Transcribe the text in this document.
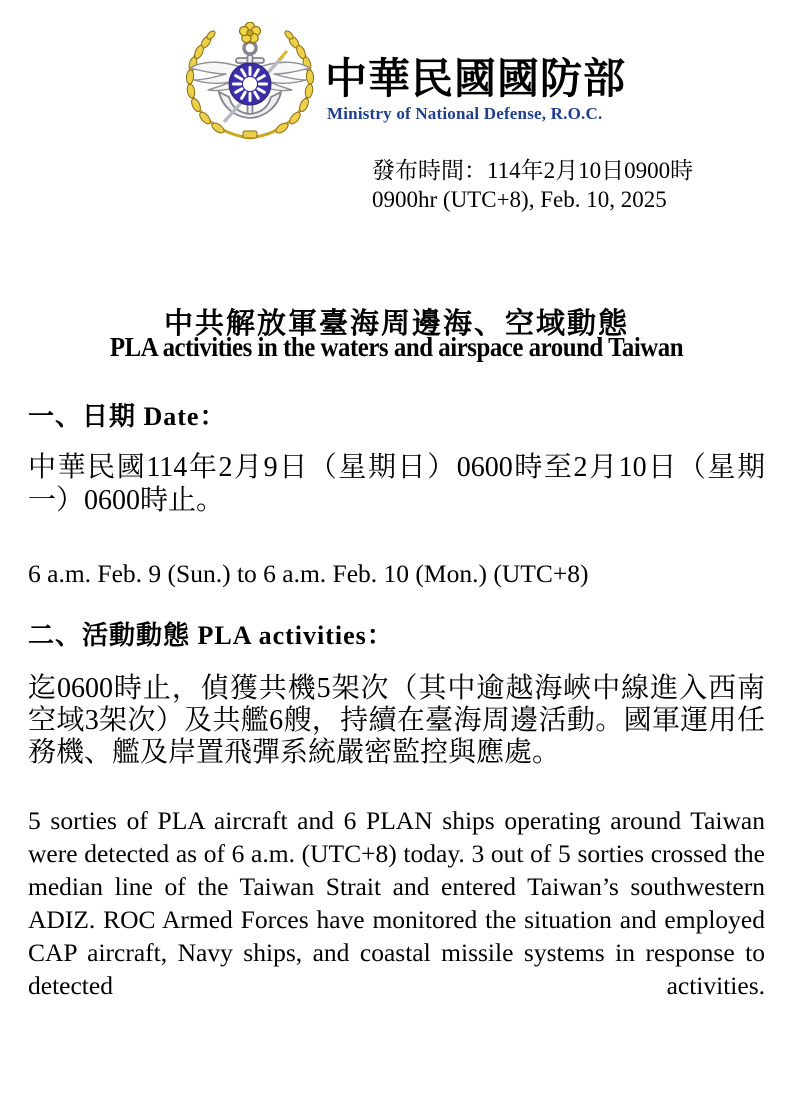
中華民國國防部
Ministry of National Defense, R.O.C.
發布時間：114年2月10日0900時
0900hr (UTC+8), Feb. 10, 2025
中共解放軍臺海周邊海、空域動態
PLA activities in the waters and airspace around Taiwan
一、日期 Date：
中華民國114年2月9日（星期日）0600時至2月10日（星期一）0600時止。
6 a.m. Feb. 9 (Sun.) to 6 a.m. Feb. 10 (Mon.) (UTC+8)
二、活動動態 PLA activities：
迄0600時止，偵獲共機5架次（其中逾越海峽中線進入西南空域3架次）及共艦6艘，持續在臺海周邊活動。國軍運用任務機、艦及岸置飛彈系統嚴密監控與應處。
5 sorties of PLA aircraft and 6 PLAN ships operating around Taiwan were detected as of 6 a.m. (UTC+8) today. 3 out of 5 sorties crossed the median line of the Taiwan Strait and entered Taiwan’s southwestern ADIZ. ROC Armed Forces have monitored the situation and employed CAP aircraft, Navy ships, and coastal missile systems in response to detected activities.
